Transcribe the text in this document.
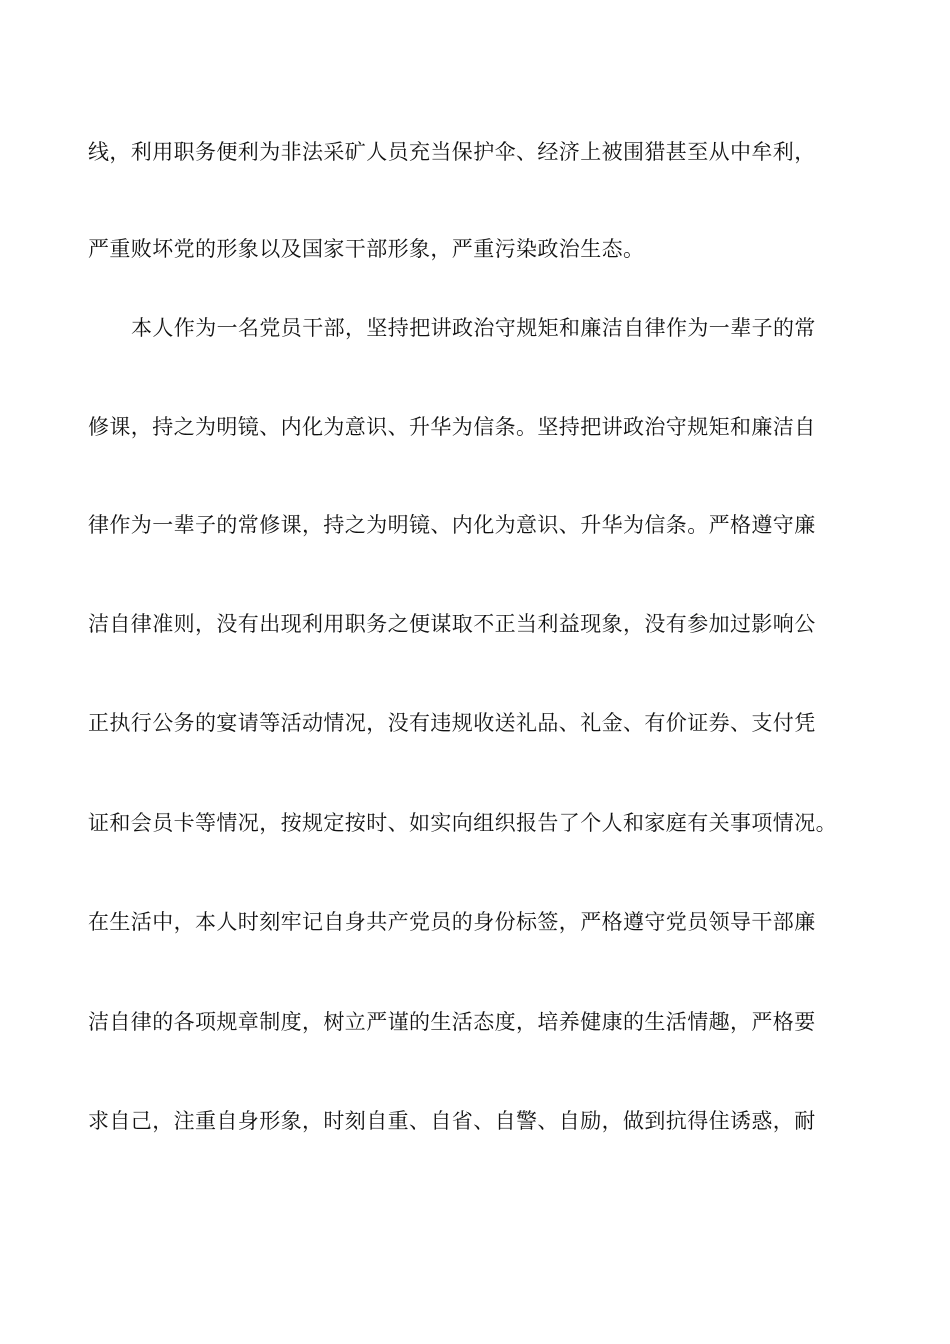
线，利用职务便利为非法采矿人员充当保护伞、经济上被围猎甚至从中牟利，
严重败坏党的形象以及国家干部形象，严重污染政治生态。
本人作为一名党员干部，坚持把讲政治守规矩和廉洁自律作为一辈子的常
修课，持之为明镜、内化为意识、升华为信条。坚持把讲政治守规矩和廉洁自
律作为一辈子的常修课，持之为明镜、内化为意识、升华为信条。严格遵守廉
洁自律准则，没有出现利用职务之便谋取不正当利益现象，没有参加过影响公
正执行公务的宴请等活动情况，没有违规收送礼品、礼金、有价证券、支付凭
证和会员卡等情况，按规定按时、如实向组织报告了个人和家庭有关事项情况。
在生活中，本人时刻牢记自身共产党员的身份标签，严格遵守党员领导干部廉
洁自律的各项规章制度，树立严谨的生活态度，培养健康的生活情趣，严格要
求自己，注重自身形象，时刻自重、自省、自警、自励，做到抗得住诱惑，耐
